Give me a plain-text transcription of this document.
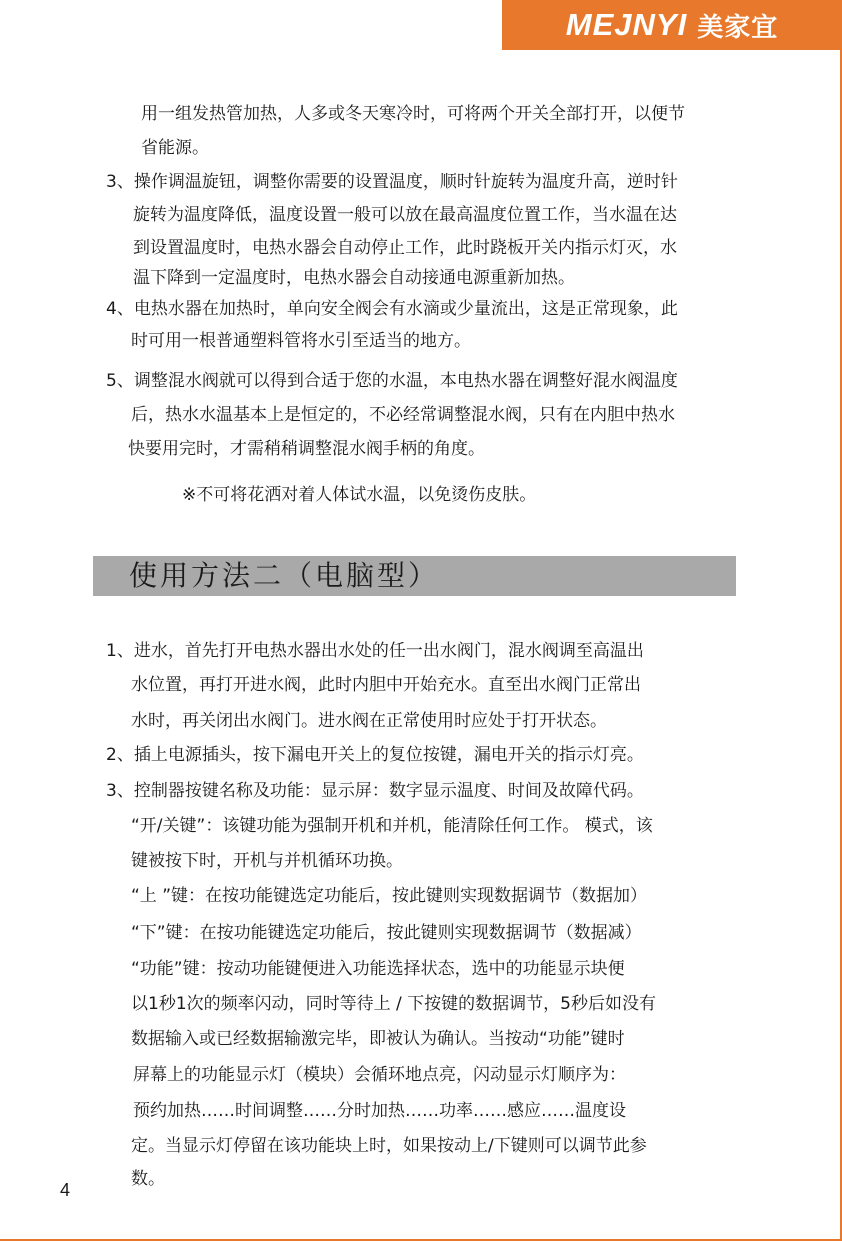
MEJNYI 美家宜
用一组发热管加热，人多或冬天寒冷时，可将两个开关全部打开，以便节
省能源。
3、操作调温旋钮，调整你需要的设置温度，顺时针旋转为温度升高，逆时针
旋转为温度降低，温度设置一般可以放在最高温度位置工作，当水温在达
到设置温度时，电热水器会自动停止工作，此时跷板开关内指示灯灭，水
温下降到一定温度时，电热水器会自动接通电源重新加热。
4、电热水器在加热时，单向安全阀会有水滴或少量流出，这是正常现象，此
时可用一根普通塑料管将水引至适当的地方。
5、调整混水阀就可以得到合适于您的水温，本电热水器在调整好混水阀温度
后，热水水温基本上是恒定的，不必经常调整混水阀，只有在内胆中热水
快要用完时，才需稍稍调整混水阀手柄的角度。
※不可将花洒对着人体试水温，以免烫伤皮肤。
使用方法二（电脑型）
1、进水，首先打开电热水器出水处的任一出水阀门，混水阀调至高温出
水位置，再打开进水阀，此时内胆中开始充水。直至出水阀门正常出
水时，再关闭出水阀门。进水阀在正常使用时应处于打开状态。
2、插上电源插头，按下漏电开关上的复位按键，漏电开关的指示灯亮。
3、控制器按键名称及功能：显示屏：数字显示温度、时间及故障代码。
“开/关键”：该键功能为强制开机和并机，能清除任何工作。 模式，该
键被按下时，开机与并机循环功换。
“上 ”键：在按功能键选定功能后，按此键则实现数据调节（数据加）
“下”键：在按功能键选定功能后，按此键则实现数据调节（数据减）
“功能”键：按动功能键便进入功能选择状态，选中的功能显示块便
以1秒1次的频率闪动，同时等待上 / 下按键的数据调节，5秒后如没有
数据输入或已经数据输激完毕，即被认为确认。当按动“功能”键时
屏幕上的功能显示灯（模块）会循环地点亮，闪动显示灯顺序为：
预约加热……时间调整……分时加热……功率……感应……温度设
定。当显示灯停留在该功能块上时，如果按动上/下键则可以调节此参
数。
4
